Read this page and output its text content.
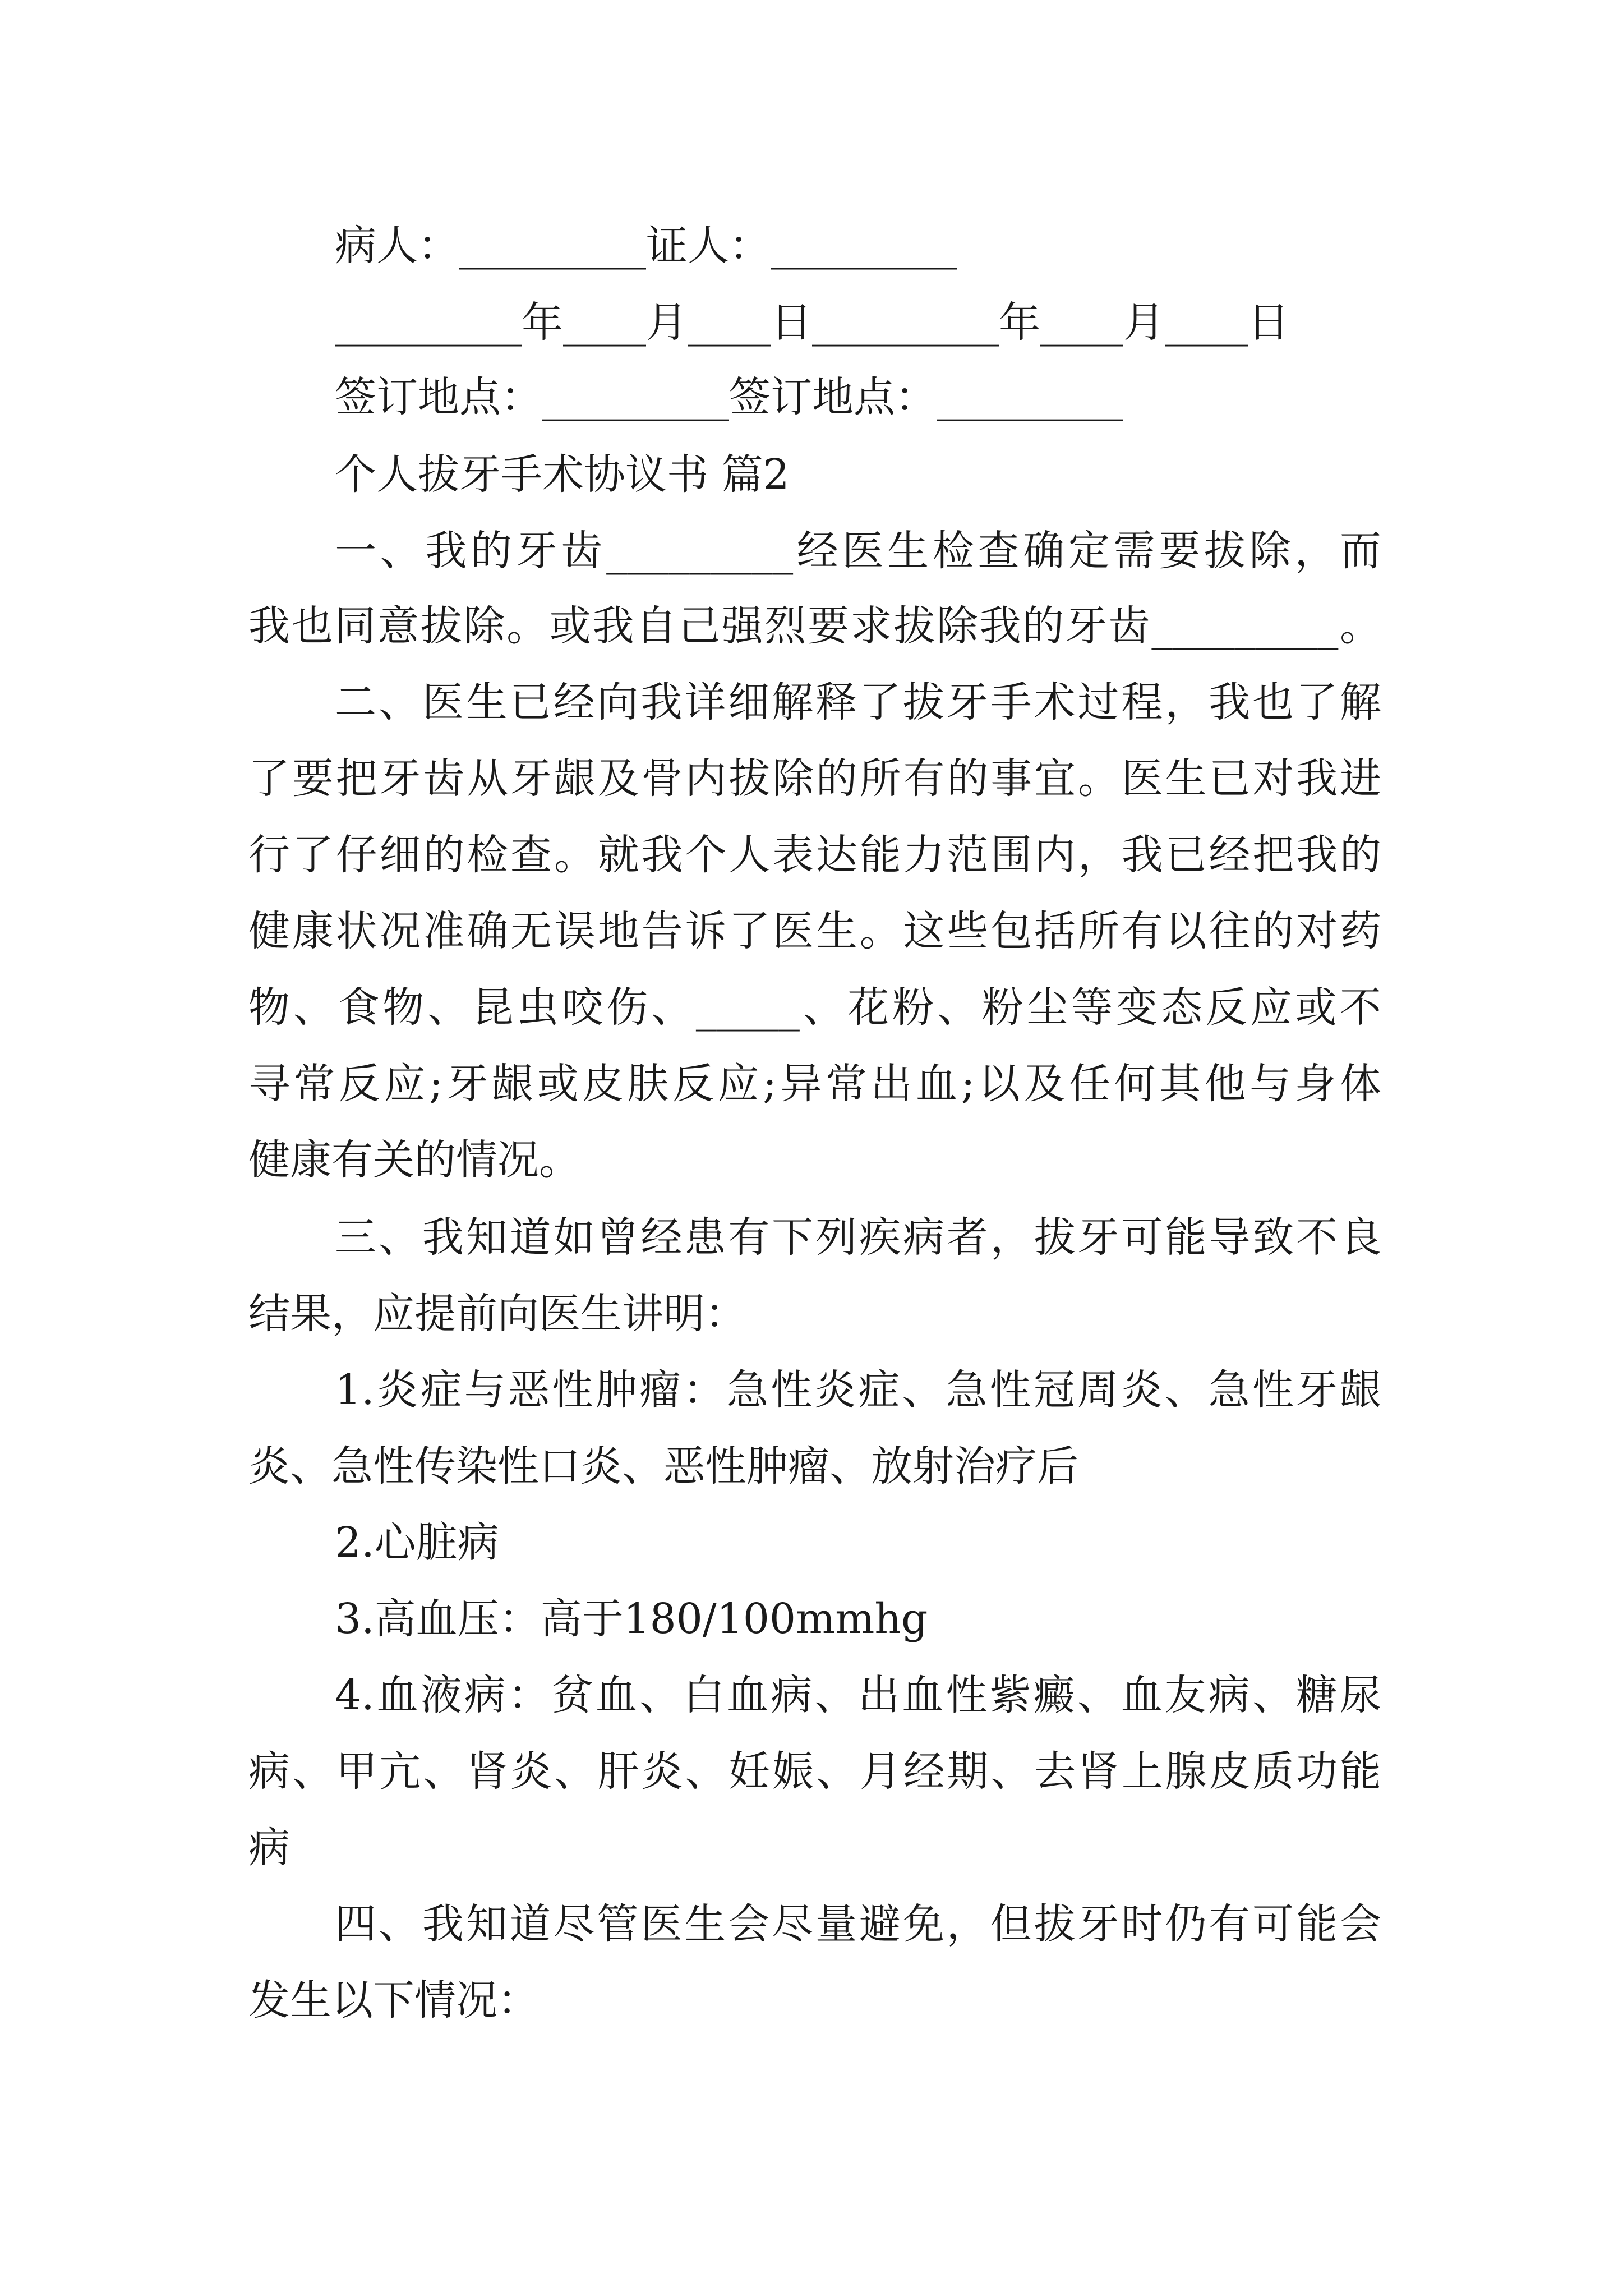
病人：_________证人：_________
_________年____月____日_________年____月____日
签订地点：_________签订地点：_________
个人拔牙手术协议书 篇2
一、我的牙齿_________经医生检查确定需要拔除，而
我也同意拔除。或我自己强烈要求拔除我的牙齿_________。
二、医生已经向我详细解释了拔牙手术过程，我也了解
了要把牙齿从牙龈及骨内拔除的所有的事宜。医生已对我进
行了仔细的检查。就我个人表达能力范围内，我已经把我的
健康状况准确无误地告诉了医生。这些包括所有以往的对药
物、食物、昆虫咬伤、_____、花粉、粉尘等变态反应或不
寻常反应;牙龈或皮肤反应;异常出血;以及任何其他与身体
健康有关的情况。
三、我知道如曾经患有下列疾病者，拔牙可能导致不良
结果，应提前向医生讲明：
1.炎症与恶性肿瘤：急性炎症、急性冠周炎、急性牙龈
炎、急性传染性口炎、恶性肿瘤、放射治疗后
2.心脏病
3.高血压：高于180/100mmhg
4.血液病：贫血、白血病、出血性紫癜、血友病、糖尿
病、甲亢、肾炎、肝炎、妊娠、月经期、去肾上腺皮质功能
病
四、我知道尽管医生会尽量避免，但拔牙时仍有可能会
发生以下情况：
